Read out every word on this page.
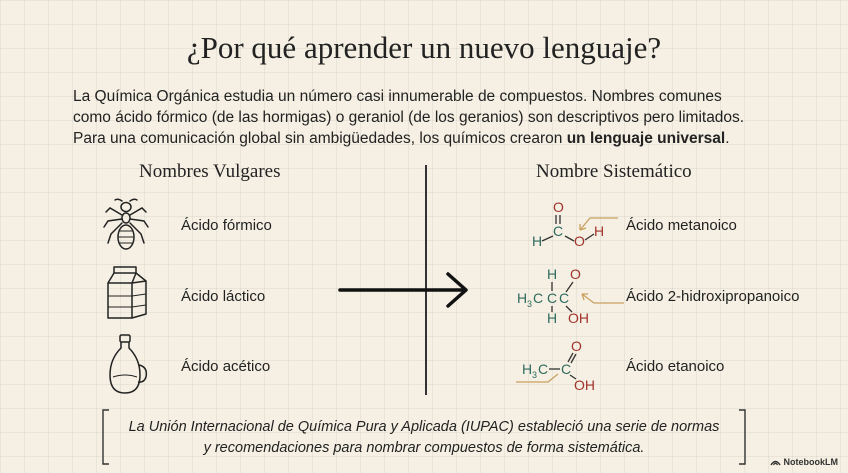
¿Por qué aprender un nuevo lenguaje?
La Química Orgánica estudia un número casi innumerable de compuestos. Nombres comunes
como ácido fórmico (de las hormigas) o geraniol (de los geranios) son descriptivos pero limitados.
Para una comunicación global sin ambigüedades, los químicos crearon un lenguaje universal.
Nombres Vulgares	Nombre Sistemático
Ácido fórmico
Ácido láctico
Ácido acético
O
C
H O
H Ácido metanoico
H O
H 3 C C C
H OH
Ácido 2-hidroxipropanoico
O
H 3 C C
OH
Ácido etanoico
La Unión Internacional de Química Pura y Aplicada (IUPAC) estableció una serie de normas
y recomendaciones para nombrar compuestos de forma sistemática.
NotebookLM
